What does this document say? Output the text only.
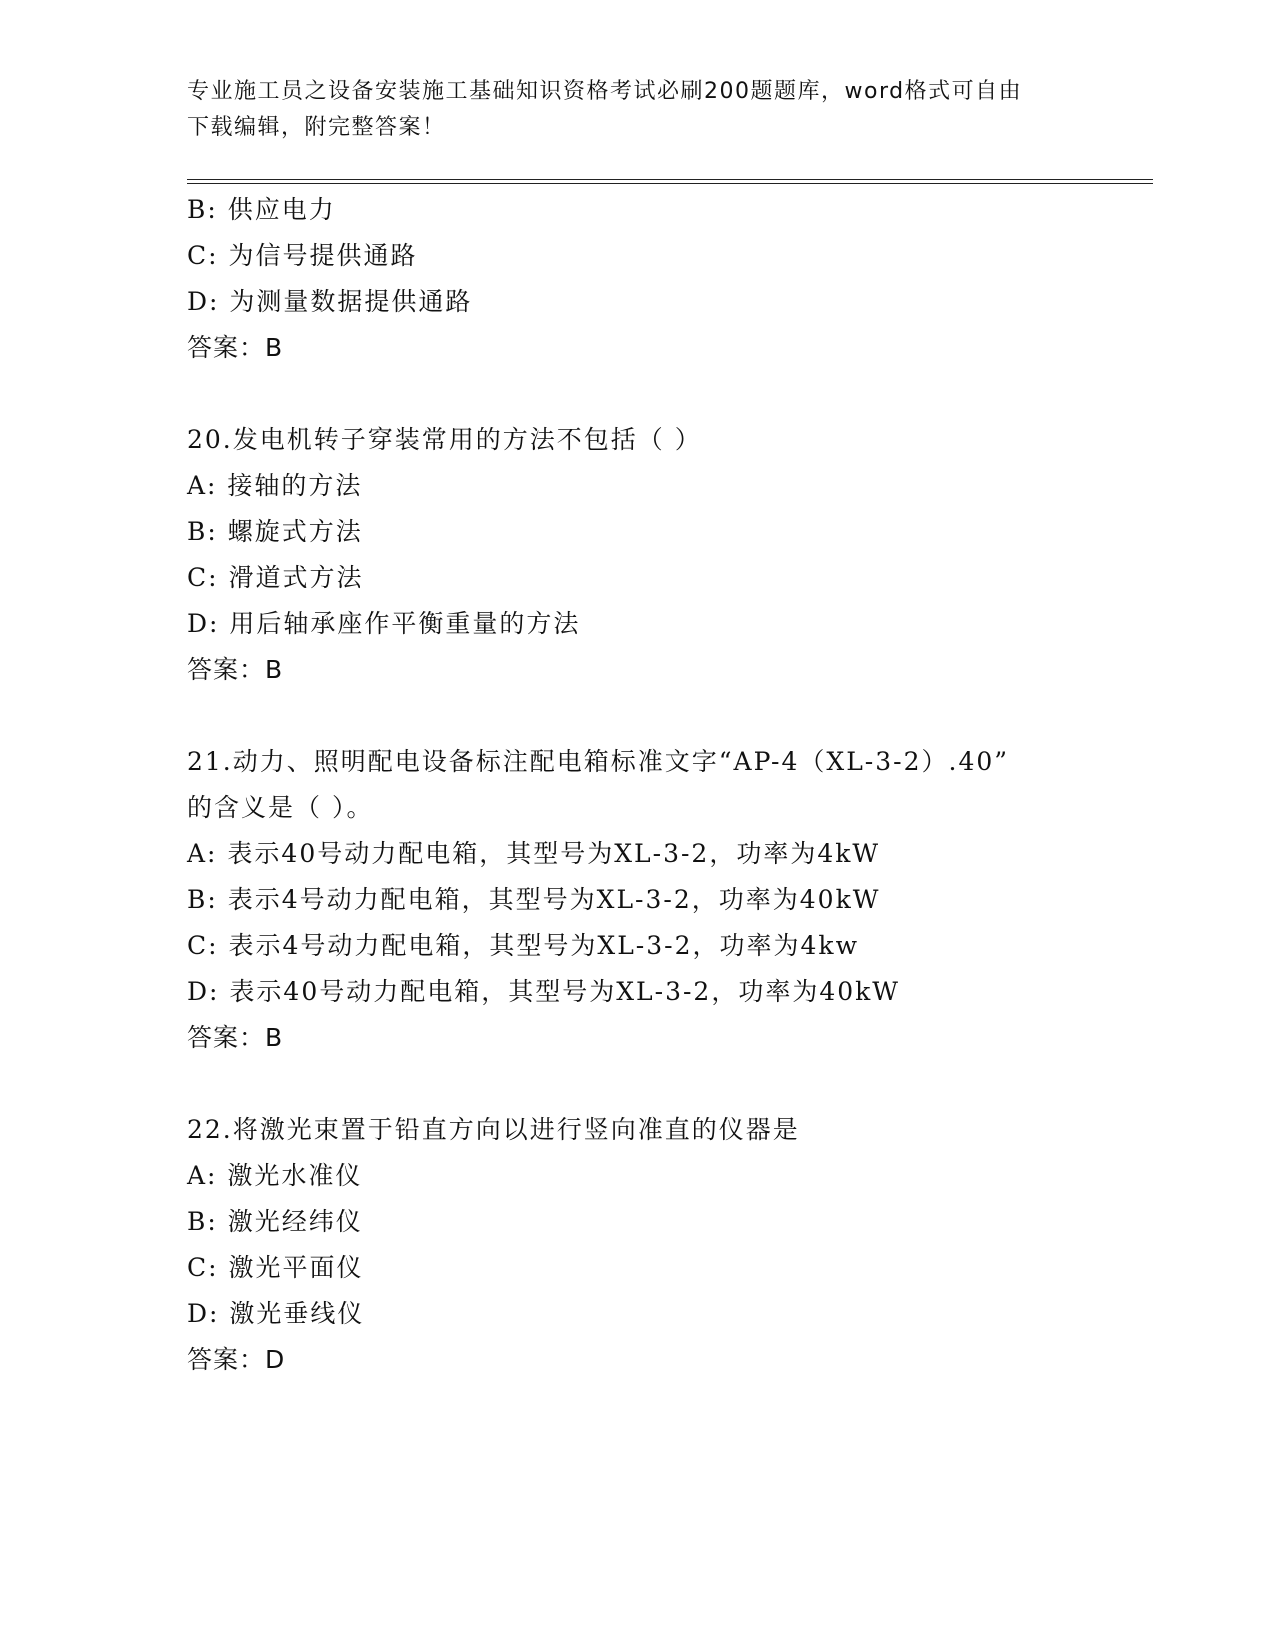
专业施工员之设备安装施工基础知识资格考试必刷200题题库，word格式可自由
下载编辑，附完整答案！
B: 供应电力
C: 为信号提供通路
D: 为测量数据提供通路
答案：B
20.发电机转子穿装常用的方法不包括（ ）
A: 接轴的方法
B: 螺旋式方法
C: 滑道式方法
D: 用后轴承座作平衡重量的方法
答案：B
21.动力、照明配电设备标注配电箱标准文字“AP-4（XL-3-2）.40”
的含义是（ ）。
A: 表示40号动力配电箱，其型号为XL-3-2，功率为4kW
B: 表示4号动力配电箱，其型号为XL-3-2，功率为40kW
C: 表示4号动力配电箱，其型号为XL-3-2，功率为4kw
D: 表示40号动力配电箱，其型号为XL-3-2，功率为40kW
答案：B
22.将激光束置于铅直方向以进行竖向准直的仪器是
A: 激光水准仪
B: 激光经纬仪
C: 激光平面仪
D: 激光垂线仪
答案：D
